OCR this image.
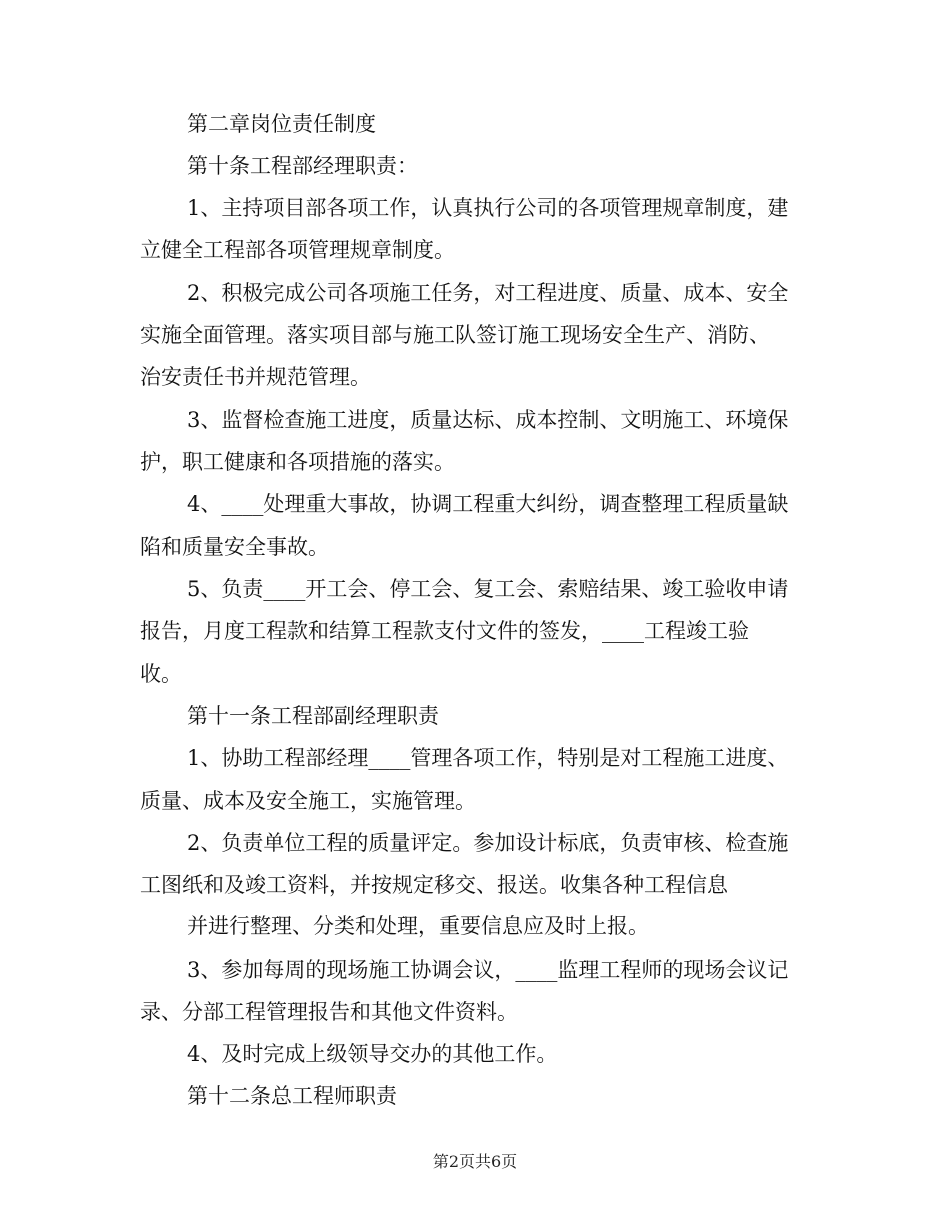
第二章岗位责任制度
第十条工程部经理职责：
1、主持项目部各项工作，认真执行公司的各项管理规章制度，建
立健全工程部各项管理规章制度。
2、积极完成公司各项施工任务，对工程进度、质量、成本、安全
实施全面管理。落实项目部与施工队签订施工现场安全生产、消防、
治安责任书并规范管理。
3、监督检查施工进度，质量达标、成本控制、文明施工、环境保
护，职工健康和各项措施的落实。
4、____处理重大事故，协调工程重大纠纷，调查整理工程质量缺
陷和质量安全事故。
5、负责____开工会、停工会、复工会、索赔结果、竣工验收申请
报告，月度工程款和结算工程款支付文件的签发，____工程竣工验
收。
第十一条工程部副经理职责
1、协助工程部经理____管理各项工作，特别是对工程施工进度、
质量、成本及安全施工，实施管理。
2、负责单位工程的质量评定。参加设计标底，负责审核、检查施
工图纸和及竣工资料，并按规定移交、报送。收集各种工程信息
并进行整理、分类和处理，重要信息应及时上报。
3、参加每周的现场施工协调会议，____监理工程师的现场会议记
录、分部工程管理报告和其他文件资料。
4、及时完成上级领导交办的其他工作。
第十二条总工程师职责
第2页共6页
